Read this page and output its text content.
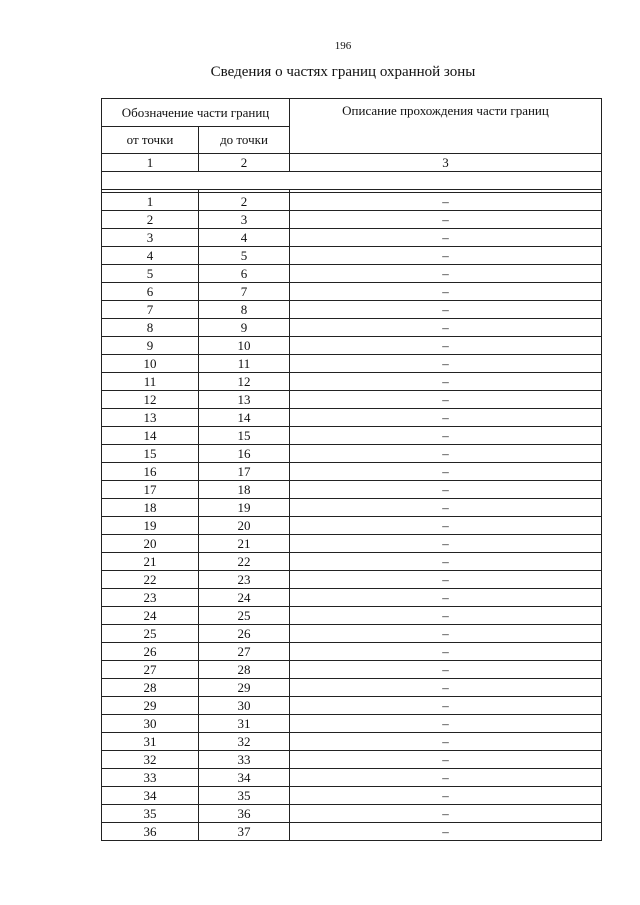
196
Сведения о частях границ охранной зоны
Обозначение части границ		Описание прохождения части границ
от точки	до точки	
1	2	3

1	2	–
2	3	–
3	4	–
4	5	–
5	6	–
6	7	–
7	8	–
8	9	–
9	10	–
10	11	–
11	12	–
12	13	–
13	14	–
14	15	–
15	16	–
16	17	–
17	18	–
18	19	–
19	20	–
20	21	–
21	22	–
22	23	–
23	24	–
24	25	–
25	26	–
26	27	–
27	28	–
28	29	–
29	30	–
30	31	–
31	32	–
32	33	–
33	34	–
34	35	–
35	36	–
36	37	–
